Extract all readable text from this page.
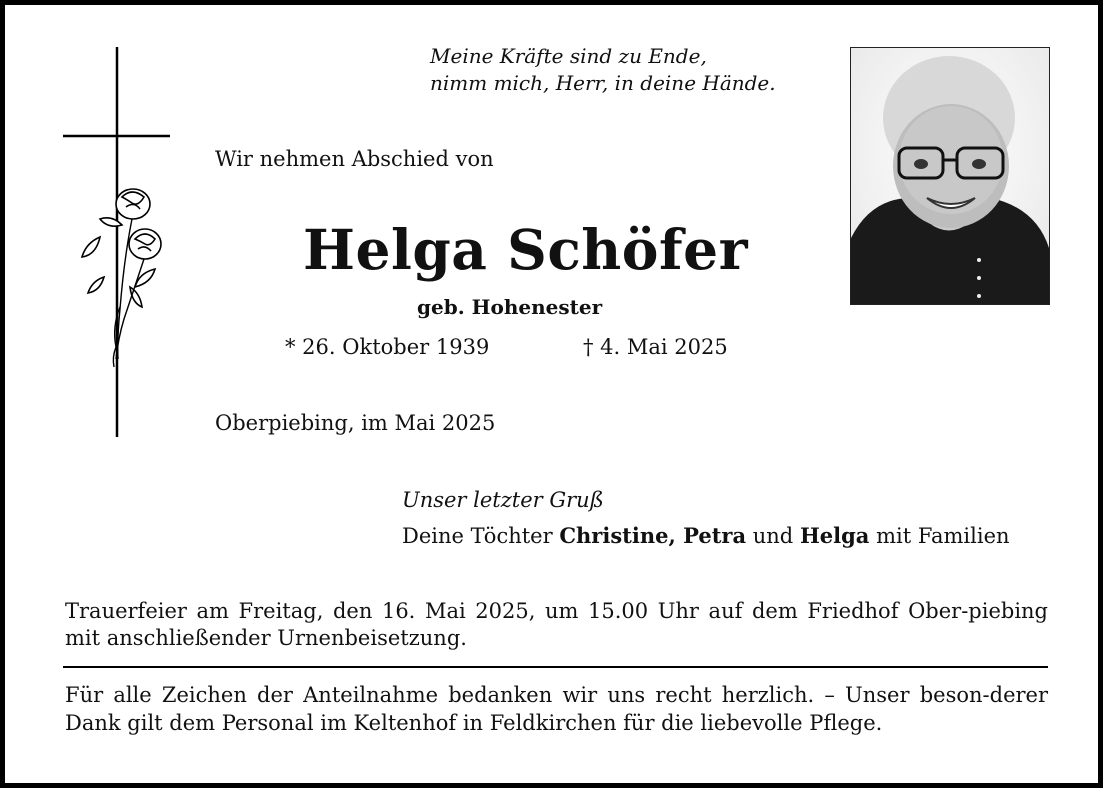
Meine Kräfte sind zu Ende,
nimm mich, Herr, in deine Hände.
Wir nehmen Abschied von
Helga Schöfer
geb. Hohenester
* 26. Oktober 1939	† 4. Mai 2025
Oberpiebing, im Mai 2025
Unser letzter Gruß
Deine Töchter Christine, Petra und Helga mit Familien
Trauerfeier am Freitag, den 16. Mai 2025, um 15.00 Uhr auf dem Friedhof Ober-piebing mit anschließender Urnenbeisetzung.
Für alle Zeichen der Anteilnahme bedanken wir uns recht herzlich. – Unser beson-derer Dank gilt dem Personal im Keltenhof in Feldkirchen für die liebevolle Pflege.
